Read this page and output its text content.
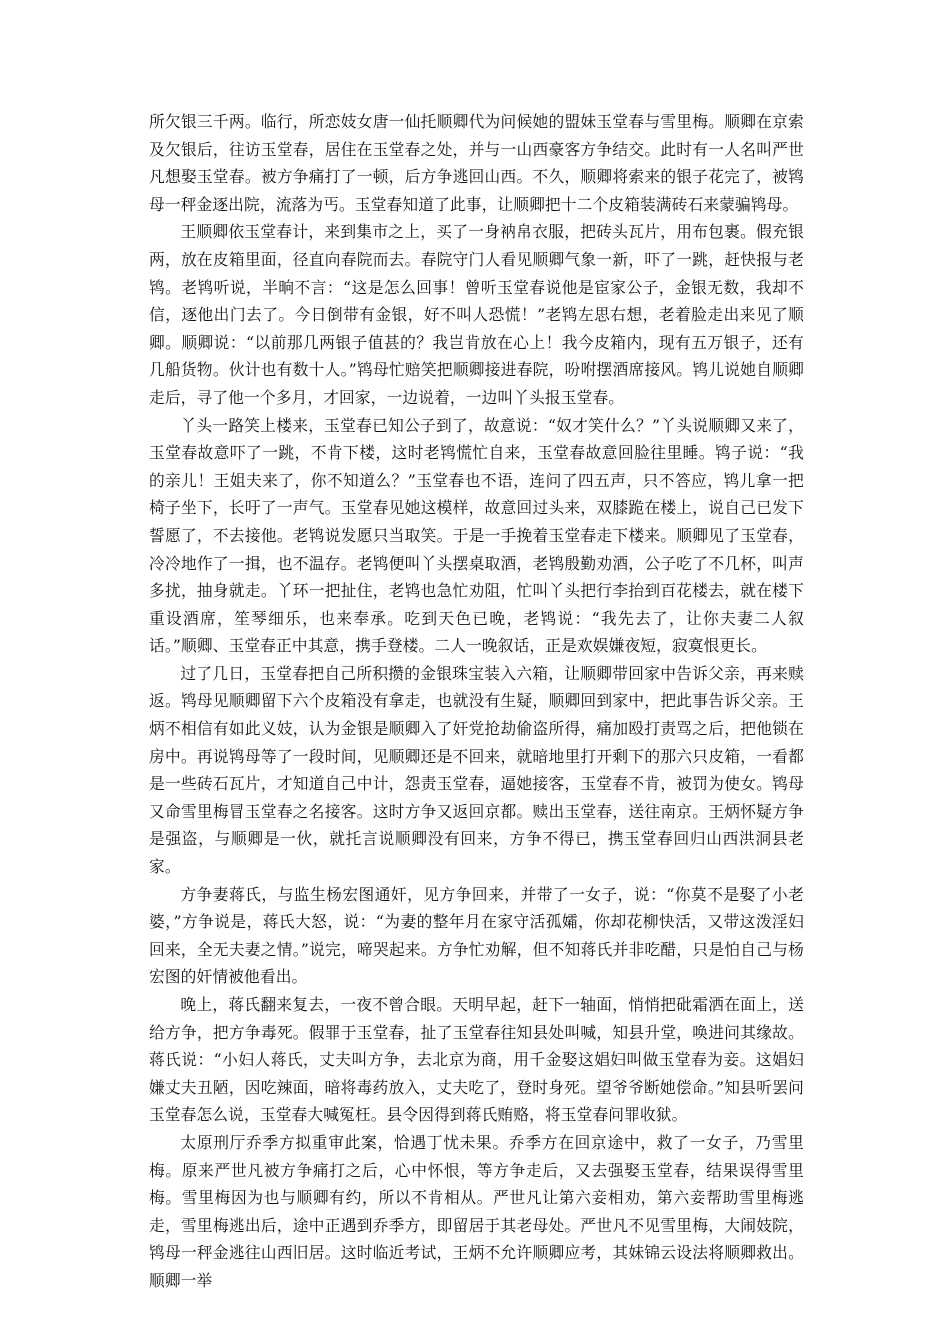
所欠银三千两。临行，所恋妓女唐一仙托顺卿代为问候她的盟妹玉堂春与雪里梅。顺卿在京索及欠银后，往访玉堂春，居住在玉堂春之处，并与一山西豪客方争结交。此时有一人名叫严世凡想娶玉堂春。被方争痛打了一顿，后方争逃回山西。不久，顺卿将索来的银子花完了，被鸨母一秤金逐出院，流落为丐。玉堂春知道了此事，让顺卿把十二个皮箱装满砖石来蒙骗鸨母。

王顺卿依玉堂春计，来到集市之上，买了一身衲帛衣服，把砖头瓦片，用布包裹。假充银两，放在皮箱里面，径直向春院而去。春院守门人看见顺卿气象一新，吓了一跳，赶快报与老鸨。老鸨听说，半晌不言：“这是怎么回事！曾听玉堂春说他是宦家公子，金银无数，我却不信，逐他出门去了。今日倒带有金银，好不叫人恐慌！”老鸨左思右想，老着脸走出来见了顺卿。顺卿说：“以前那几两银子值甚的？我岂肯放在心上！我今皮箱内，现有五万银子，还有几船货物。伙计也有数十人。”鸨母忙赔笑把顺卿接进春院，吩咐摆酒席接风。鸨儿说她自顺卿走后，寻了他一个多月，才回家，一边说着，一边叫丫头报玉堂春。

丫头一路笑上楼来，玉堂春已知公子到了，故意说：“奴才笑什么？”丫头说顺卿又来了，玉堂春故意吓了一跳，不肯下楼，这时老鸨慌忙自来，玉堂春故意回脸往里睡。鸨子说：“我的亲儿！王姐夫来了，你不知道么？”玉堂春也不语，连问了四五声，只不答应，鸨儿拿一把椅子坐下，长吁了一声气。玉堂春见她这模样，故意回过头来，双膝跪在楼上，说自己已发下誓愿了，不去接他。老鸨说发愿只当取笑。于是一手挽着玉堂春走下楼来。顺卿见了玉堂春，冷冷地作了一揖，也不温存。老鸨便叫丫头摆桌取酒，老鸨殷勤劝酒，公子吃了不几杯，叫声多扰，抽身就走。丫环一把扯住，老鸨也急忙劝阻，忙叫丫头把行李抬到百花楼去，就在楼下重设酒席，笙琴细乐，也来奉承。吃到天色已晚，老鸨说：“我先去了，让你夫妻二人叙话。”顺卿、玉堂春正中其意，携手登楼。二人一晚叙话，正是欢娱嫌夜短，寂寞恨更长。

过了几日，玉堂春把自己所积攒的金银珠宝装入六箱，让顺卿带回家中告诉父亲，再来赎返。鸨母见顺卿留下六个皮箱没有拿走，也就没有生疑，顺卿回到家中，把此事告诉父亲。王炳不相信有如此义妓，认为金银是顺卿入了奸党抢劫偷盗所得，痛加殴打责骂之后，把他锁在房中。再说鸨母等了一段时间，见顺卿还是不回来，就暗地里打开剩下的那六只皮箱，一看都是一些砖石瓦片，才知道自己中计，怨责玉堂春，逼她接客，玉堂春不肯，被罚为使女。鸨母又命雪里梅冒玉堂春之名接客。这时方争又返回京都。赎出玉堂春，送往南京。王炳怀疑方争是强盗，与顺卿是一伙，就托言说顺卿没有回来，方争不得已，携玉堂春回归山西洪洞县老家。

方争妻蒋氏，与监生杨宏图通奸，见方争回来，并带了一女子，说：“你莫不是娶了小老婆，”方争说是，蒋氏大怒，说：“为妻的整年月在家守活孤孀，你却花柳快活，又带这泼淫妇回来，全无夫妻之情。”说完，啼哭起来。方争忙劝解，但不知蒋氏并非吃醋，只是怕自己与杨宏图的奸情被他看出。

晚上，蒋氏翻来复去，一夜不曾合眼。天明早起，赶下一轴面，悄悄把砒霜洒在面上，送给方争，把方争毒死。假罪于玉堂春，扯了玉堂春往知县处叫喊，知县升堂，唤进问其缘故。蒋氏说：“小妇人蒋氏，丈夫叫方争，去北京为商，用千金娶这娼妇叫做玉堂春为妾。这娼妇嫌丈夫丑陋，因吃辣面，暗将毒药放入，丈夫吃了，登时身死。望爷爷断她偿命。”知县听罢问玉堂春怎么说，玉堂春大喊冤枉。县令因得到蒋氏贿赂，将玉堂春问罪收狱。

太原刑厅乔季方拟重审此案，恰遇丁忧未果。乔季方在回京途中，救了一女子，乃雪里梅。原来严世凡被方争痛打之后，心中怀恨，等方争走后，又去强娶玉堂春，结果误得雪里梅。雪里梅因为也与顺卿有约，所以不肯相从。严世凡让第六妾相劝，第六妾帮助雪里梅逃走，雪里梅逃出后，途中正遇到乔季方，即留居于其老母处。严世凡不见雪里梅，大闹妓院，鸨母一秤金逃往山西旧居。这时临近考试，王炳不允许顺卿应考，其妹锦云设法将顺卿救出。顺卿一举
